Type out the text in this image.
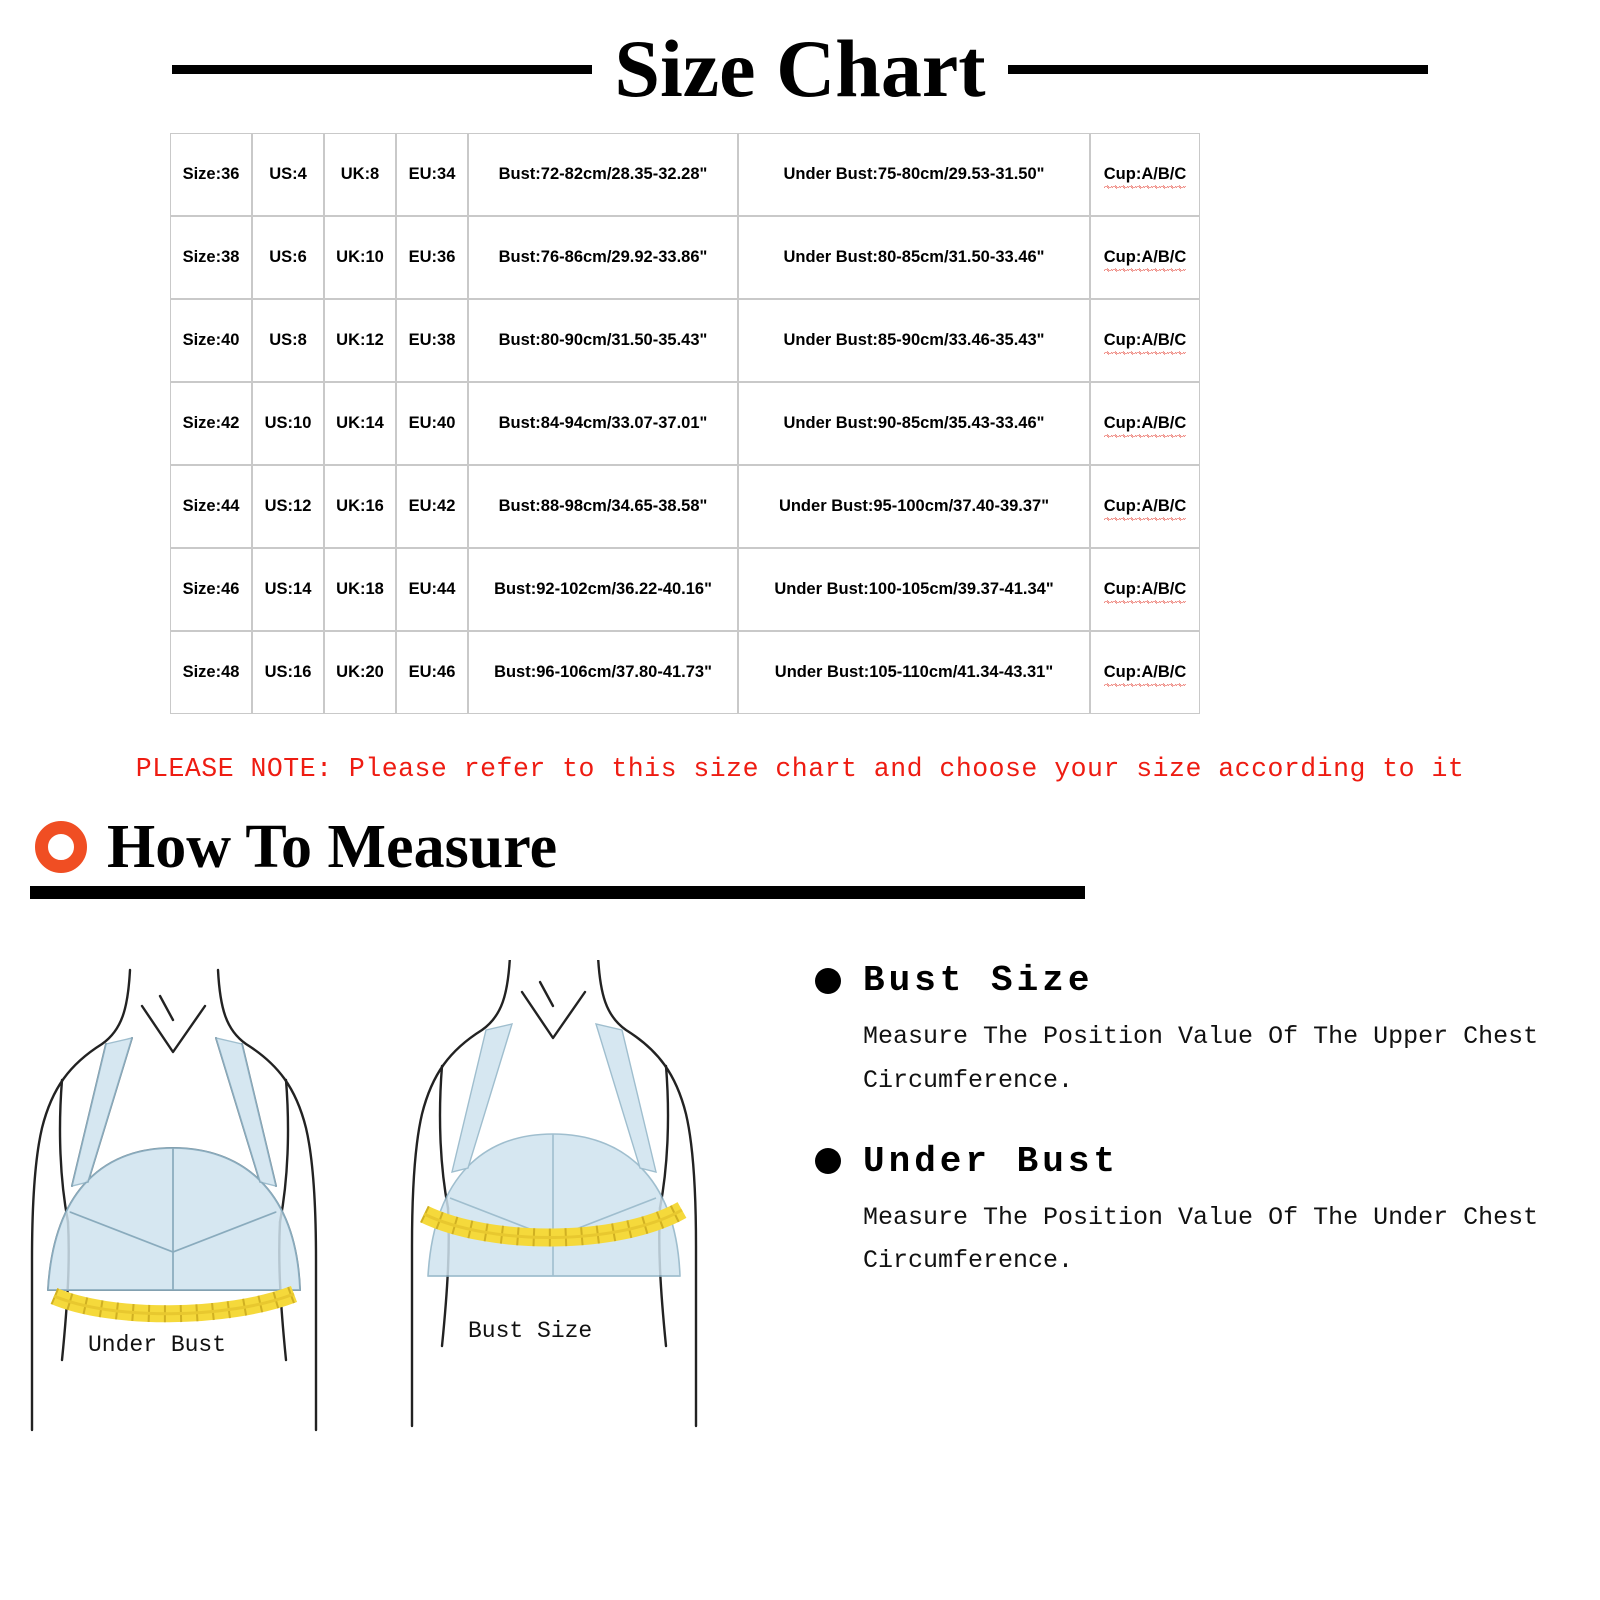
Size Chart
Size:36	US:4	UK:8	EU:34	Bust:72-82cm/28.35-32.28"	Under Bust:75-80cm/29.53-31.50"	Cup:A/B/C
Size:38	US:6	UK:10	EU:36	Bust:76-86cm/29.92-33.86"	Under Bust:80-85cm/31.50-33.46"	Cup:A/B/C
Size:40	US:8	UK:12	EU:38	Bust:80-90cm/31.50-35.43"	Under Bust:85-90cm/33.46-35.43"	Cup:A/B/C
Size:42	US:10	UK:14	EU:40	Bust:84-94cm/33.07-37.01"	Under Bust:90-85cm/35.43-33.46"	Cup:A/B/C
Size:44	US:12	UK:16	EU:42	Bust:88-98cm/34.65-38.58"	Under Bust:95-100cm/37.40-39.37"	Cup:A/B/C
Size:46	US:14	UK:18	EU:44	Bust:92-102cm/36.22-40.16"	Under Bust:100-105cm/39.37-41.34"	Cup:A/B/C
Size:48	US:16	UK:20	EU:46	Bust:96-106cm/37.80-41.73"	Under Bust:105-110cm/41.34-43.31"	Cup:A/B/C
PLEASE NOTE: Please refer to this size chart and choose your size according to it
How To Measure
Under Bust
Bust Size
Bust Size
Measure The Position Value Of The Upper Chest Circumference.
Under Bust
Measure The Position Value Of The Under Chest Circumference.
